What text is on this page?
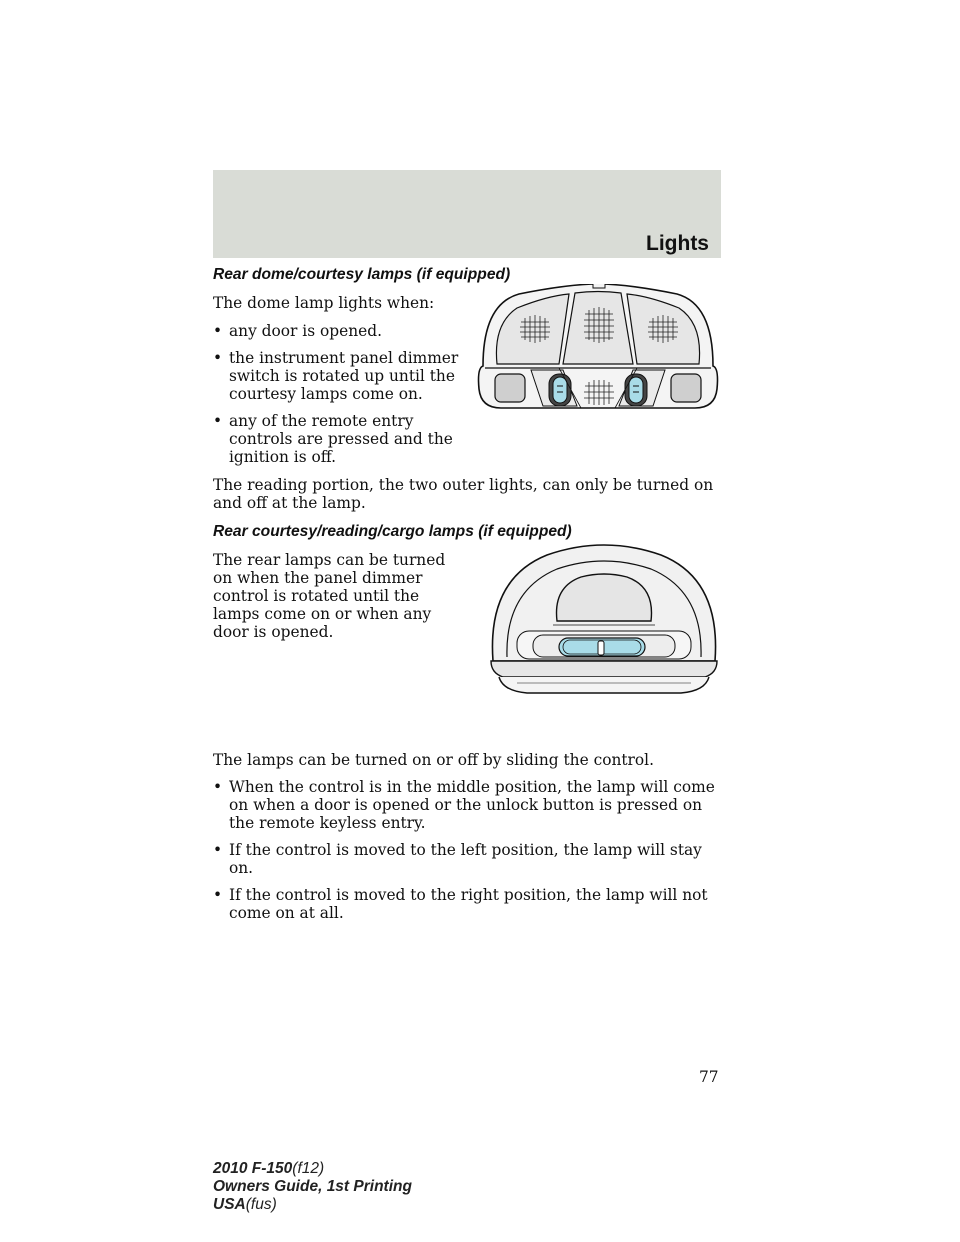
Lights
Rear dome/courtesy lamps (if equipped)

The dome lamp lights when:

• any door is opened.
• the instrument panel dimmer switch is rotated up until the courtesy lamps come on.
• any of the remote entry controls are pressed and the ignition is off.

The reading portion, the two outer lights, can only be turned on and off at the lamp.

Rear courtesy/reading/cargo lamps (if equipped)

The rear lamps can be turned on when the panel dimmer control is rotated until the lamps come on or when any door is opened.

The lamps can be turned on or off by sliding the control.

• When the control is in the middle position, the lamp will come on when a door is opened or the unlock button is pressed on the remote keyless entry.
• If the control is moved to the left position, the lamp will stay on.
• If the control is moved to the right position, the lamp will not come on at all.
77
2010 F-150(f12)
Owners Guide, 1st Printing
USA(fus)
